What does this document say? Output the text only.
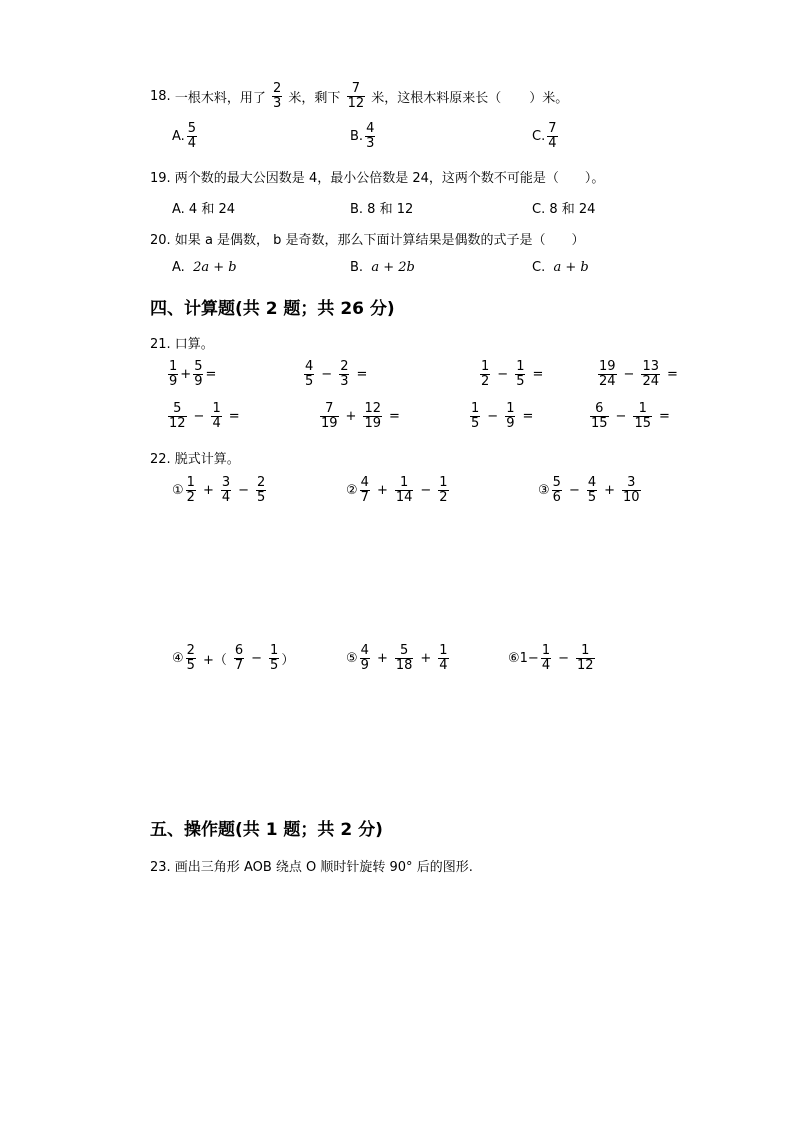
18.
一根木料，用了
$\frac{2}{3}$
米，剩下
$\frac{7}{12}$
米，这根木料原来长（ ）米。
A. $\frac{5}{4}$	B. $\frac{4}{3}$	C. $\frac{7}{4}$
19. 两个数的最大公因数是 4，最小公倍数是 24，这两个数不可能是（　　）。
A. 4 和 24	B. 8 和 12	C. 8 和 24
20. 如果 a 是偶数， b 是奇数，那么下面计算结果是偶数的式子是（　　）
A.
2a + b	B.
a + 2b	C.
a + b
四、计算题(共 2 题；共 26 分)
21. 口算。
$\frac{1}{9} + \frac{5}{9}$ =	$\frac{4}{5} - \frac{2}{3}$ =	$\frac{1}{2} - \frac{1}{5}$ =	$\frac{19}{24} - \frac{13}{24}$ =
$\frac{5}{12} - \frac{1}{4}$ =	$\frac{7}{19} + \frac{12}{19}$ =	$\frac{1}{5} - \frac{1}{9}$ =	$\frac{6}{15} - \frac{1}{15}$ =
22. 脱式计算。
① $\frac{1}{2} + \frac{3}{4} - \frac{2}{5}$	② $\frac{4}{7} + \frac{1}{14} - \frac{1}{2}$	③ $\frac{5}{6} - \frac{4}{5} + \frac{3}{10}$
④ $\frac{2}{5}$ +（ $\frac{6}{7} - \frac{1}{5}$ ）	⑤ $\frac{4}{9} + \frac{5}{18} + \frac{1}{4}$	⑥ $1- \frac{1}{4} - \frac{1}{12}$
五、操作题(共 1 题；共 2 分)
23. 画出三角形 AOB 绕点 O 顺时针旋转 90° 后的图形.
